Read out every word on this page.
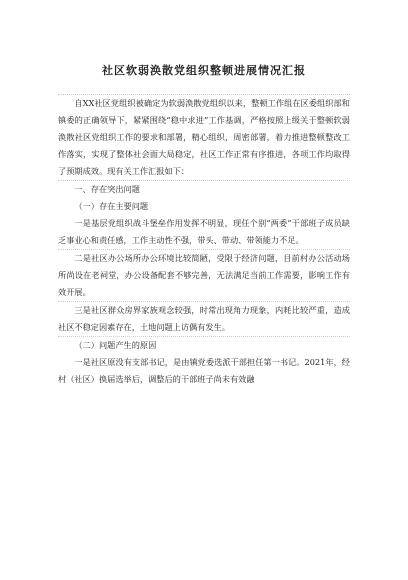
社区软弱涣散党组织整顿进展情况汇报
自XX社区党组织被确定为软弱涣散党组织以来，整顿工作组在区委组织部和镇委的正确领导下，紧紧围绕“稳中求进”工作基调，严格按照上级关于整顿软弱涣散社区党组织工作的要求和部署，精心组织，周密部署，着力推进整顿整改工作落实，实现了整体社会面大局稳定，社区工作正常有序推进，各项工作均取得了预期成效。现有关工作汇报如下：
一、存在突出问题
（一）存在主要问题
一是基层党组织战斗堡垒作用发挥不明显，现任个别“两委”干部班子成员缺乏事业心和责任感，工作主动性不强，带头、带动、带领能力不足。
二是社区办公场所办公环境比较简陋，受限于经济问题，目前村办公活动场所尚设在老祠堂，办公设备配套不够完善，无法满足当前工作需要，影响工作有效开展。
三是社区群众房界家族观念较强，时常出现角力现象，内耗比较严重，造成社区不稳定因素存在，土地问题上访偶有发生。
（二）问题产生的原因
一是社区原没有支部书记，是由镇党委选派干部担任第一书记。2021年，经村（社区）换届选举后，调整后的干部班子尚未有效融
